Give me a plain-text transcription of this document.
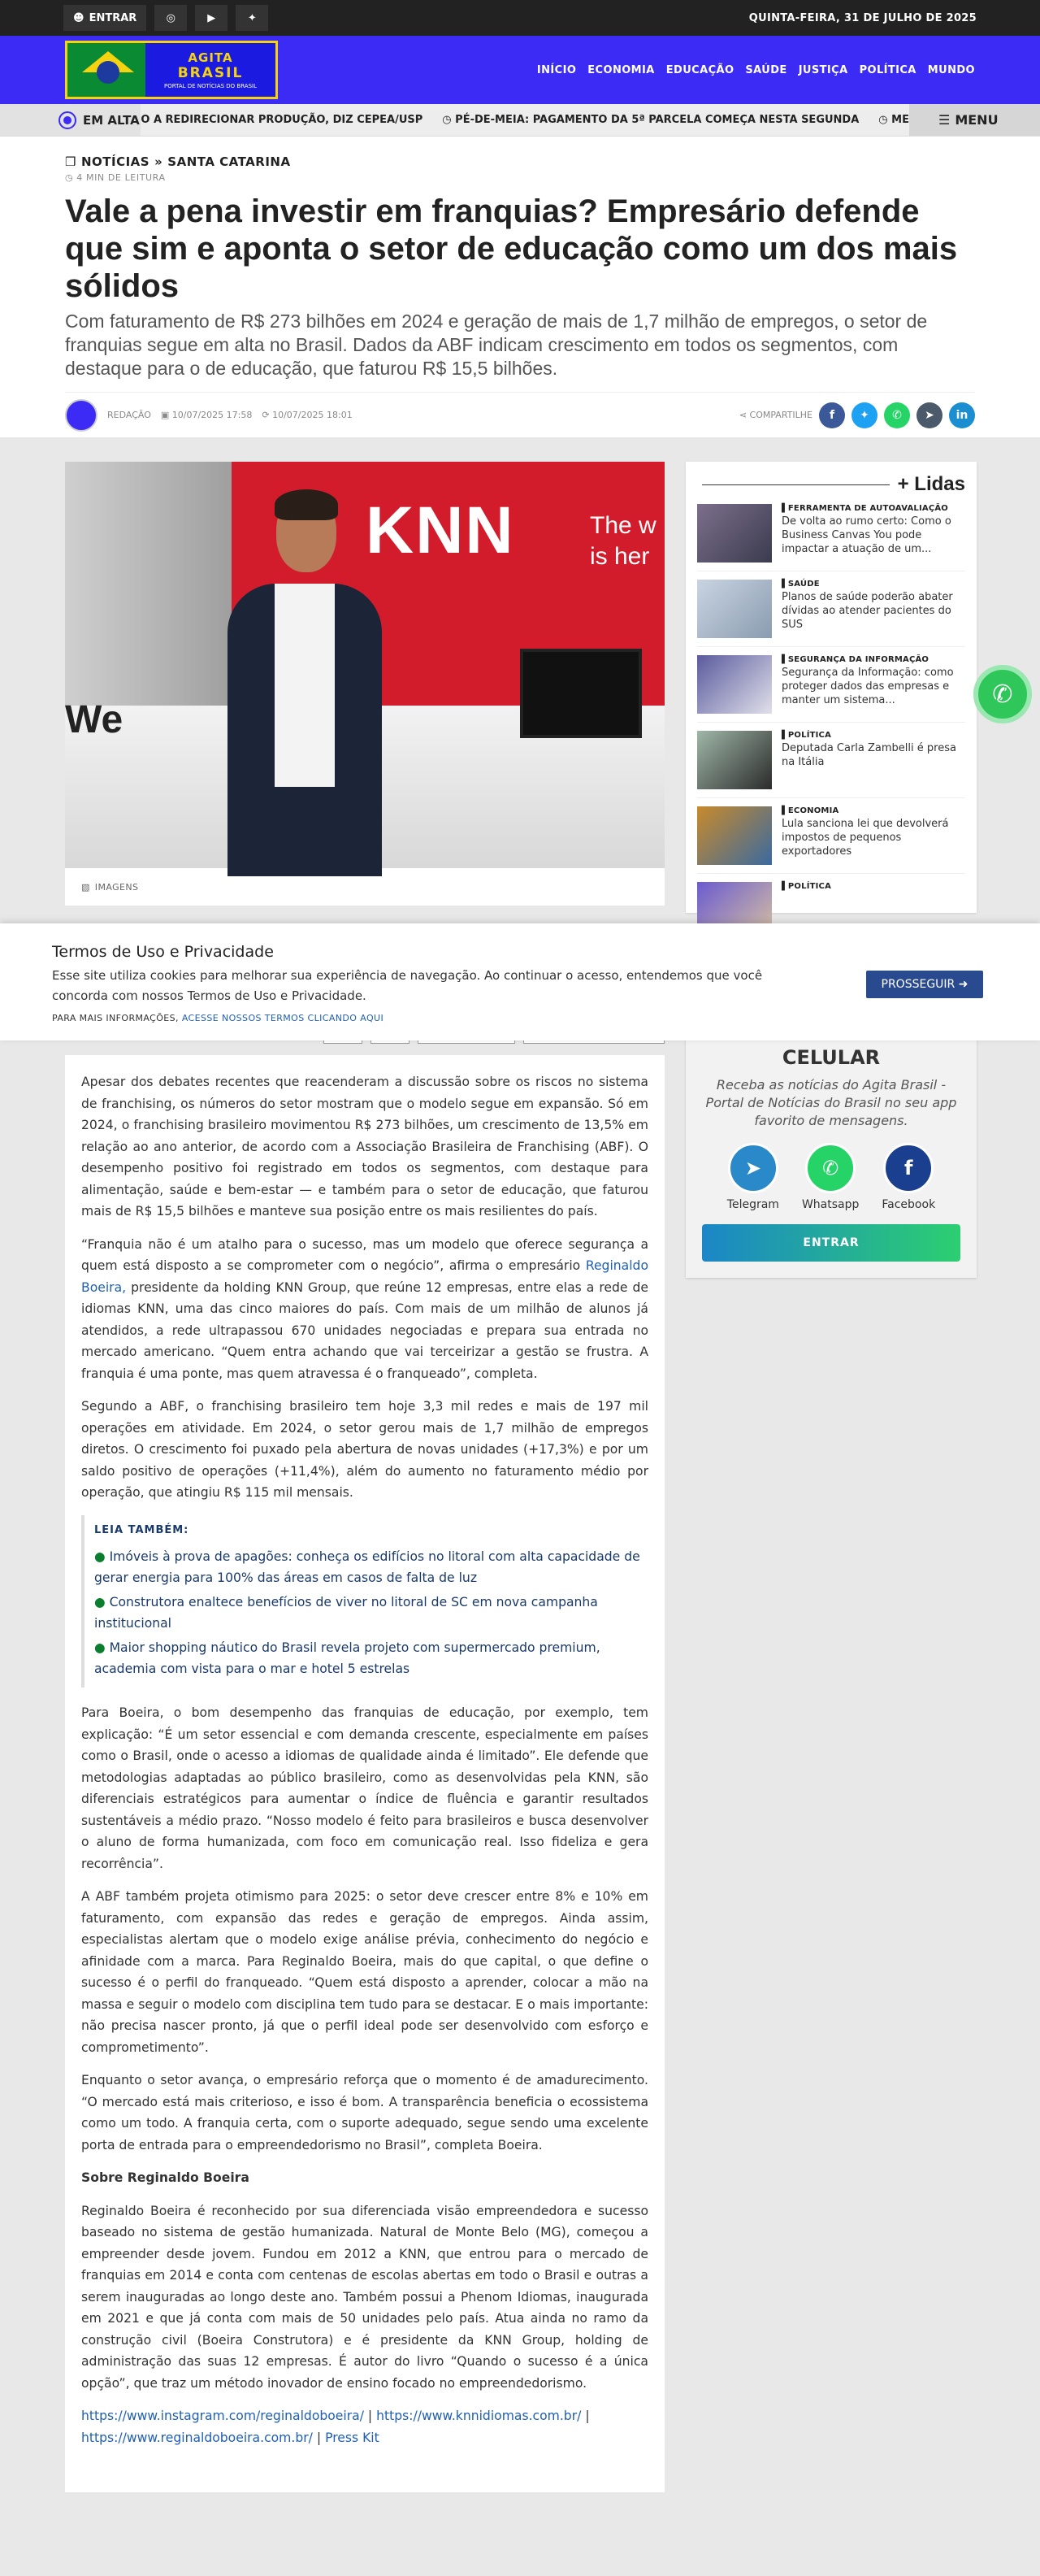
☻ ENTRAR	◎	▶	✦	QUINTA-FEIRA, 31 DE JULHO DE 2025
AGITA
BRASIL
PORTAL DE NOTÍCIAS DO BRASIL
INÍCIO ECONOMIA EDUCAÇÃO SAÚDE JUSTIÇA POLÍTICA MUNDO
EM ALTA O A REDIRECIONAR PRODUÇÃO, DIZ CEPEA/USP ◷ PÉ-DE-MEIA: PAGAMENTO DA 5ª PARCELA COMEÇA NESTA SEGUNDA ◷ ME ☰ MENU
❒ NOTÍCIAS » SANTA CATARINA
◷ 4 MIN DE LEITURA
Vale a pena investir em franquias? Empresário defende que sim e aponta o setor de educação como um dos mais sólidos
Com faturamento de R$ 273 bilhões em 2024 e geração de mais de 1,7 milhão de empregos, o setor de franquias segue em alta no Brasil. Dados da ABF indicam crescimento em todos os segmentos, com destaque para o de educação, que faturou R$ 15,5 bilhões.
REDAÇÃO ▣ 10/07/2025 17:58 ⟳ 10/07/2025 18:01	⋖ COMPARTILHE	f	✦	✆	➤	in
KNN	The w
is her
We
▧ IMAGENS

Apesar dos debates recentes que reacenderam a discussão sobre os riscos no sistema de franchising, os números do setor mostram que o modelo segue em expansão. Só em 2024, o franchising brasileiro movimentou R$ 273 bilhões, um crescimento de 13,5% em relação ao ano anterior, de acordo com a Associação Brasileira de Franchising (ABF). O desempenho positivo foi registrado em todos os segmentos, com destaque para alimentação, saúde e bem-estar — e também para o setor de educação, que faturou mais de R$ 15,5 bilhões e manteve sua posição entre os mais resilientes do país.

“Franquia não é um atalho para o sucesso, mas um modelo que oferece segurança a quem está disposto a se comprometer com o negócio”, afirma o empresário Reginaldo Boeira, presidente da holding KNN Group, que reúne 12 empresas, entre elas a rede de idiomas KNN, uma das cinco maiores do país. Com mais de um milhão de alunos já atendidos, a rede ultrapassou 670 unidades negociadas e prepara sua entrada no mercado americano. “Quem entra achando que vai terceirizar a gestão se frustra. A franquia é uma ponte, mas quem atravessa é o franqueado”, completa.

Segundo a ABF, o franchising brasileiro tem hoje 3,3 mil redes e mais de 197 mil operações em atividade. Em 2024, o setor gerou mais de 1,7 milhão de empregos diretos. O crescimento foi puxado pela abertura de novas unidades (+17,3%) e por um saldo positivo de operações (+11,4%), além do aumento no faturamento médio por operação, que atingiu R$ 115 mil mensais.

LEIA TAMBÉM:
● Imóveis à prova de apagões: conheça os edifícios no litoral com alta capacidade de gerar energia para 100% das áreas em casos de falta de luz
● Construtora enaltece benefícios de viver no litoral de SC em nova campanha institucional
● Maior shopping náutico do Brasil revela projeto com supermercado premium, academia com vista para o mar e hotel 5 estrelas

Para Boeira, o bom desempenho das franquias de educação, por exemplo, tem explicação: “É um setor essencial e com demanda crescente, especialmente em países como o Brasil, onde o acesso a idiomas de qualidade ainda é limitado”. Ele defende que metodologias adaptadas ao público brasileiro, como as desenvolvidas pela KNN, são diferenciais estratégicos para aumentar o índice de fluência e garantir resultados sustentáveis a médio prazo. “Nosso modelo é feito para brasileiros e busca desenvolver o aluno de forma humanizada, com foco em comunicação real. Isso fideliza e gera recorrência”.

A ABF também projeta otimismo para 2025: o setor deve crescer entre 8% e 10% em faturamento, com expansão das redes e geração de empregos. Ainda assim, especialistas alertam que o modelo exige análise prévia, conhecimento do negócio e afinidade com a marca. Para Reginaldo Boeira, mais do que capital, o que define o sucesso é o perfil do franqueado. “Quem está disposto a aprender, colocar a mão na massa e seguir o modelo com disciplina tem tudo para se destacar. E o mais importante: não precisa nascer pronto, já que o perfil ideal pode ser desenvolvido com esforço e comprometimento”.

Enquanto o setor avança, o empresário reforça que o momento é de amadurecimento. “O mercado está mais criterioso, e isso é bom. A transparência beneficia o ecossistema como um todo. A franquia certa, com o suporte adequado, segue sendo uma excelente porta de entrada para o empreendedorismo no Brasil”, completa Boeira.

Sobre Reginaldo Boeira

Reginaldo Boeira é reconhecido por sua diferenciada visão empreendedora e sucesso baseado no sistema de gestão humanizada. Natural de Monte Belo (MG), começou a empreender desde jovem. Fundou em 2012 a KNN, que entrou para o mercado de franquias em 2014 e conta com centenas de escolas abertas em todo o Brasil e outras a serem inauguradas ao longo deste ano. Também possui a Phenom Idiomas, inaugurada em 2021 e que já conta com mais de 50 unidades pelo país. Atua ainda no ramo da construção civil (Boeira Construtora) e é presidente da KNN Group, holding de administração das suas 12 empresas. É autor do livro “Quando o sucesso é a única opção”, que traz um método inovador de ensino focado no empreendedorismo.

https://www.instagram.com/reginaldoboeira/ | https://www.knnidiomas.com.br/ | https://www.reginaldoboeira.com.br/ | Press Kit

+ Lidas
▌FERRAMENTA DE AUTOAVALIAÇÃO
De volta ao rumo certo: Como o Business Canvas You pode impactar a atuação de um...
▌SAÚDE
Planos de saúde poderão abater dívidas ao atender pacientes do SUS
▌SEGURANÇA DA INFORMAÇÃO
Segurança da Informação: como proteger dados das empresas e manter um sistema...
▌POLÍTICA
Deputada Carla Zambelli é presa na Itália
▌ECONOMIA
Lula sanciona lei que devolverá impostos de pequenos exportadores
▌POLÍTICA
CELULAR
Receba as notícias do Agita Brasil - Portal de Notícias do Brasil no seu app favorito de mensagens.
➤
Telegram
✆
Whatsapp
f
Facebook
ENTRAR
✆
Termos de Uso e Privacidade
Esse site utiliza cookies para melhorar sua experiência de navegação. Ao continuar o acesso, entendemos que você concorda com nossos Termos de Uso e Privacidade.
PARA MAIS INFORMAÇÕES, ACESSE NOSSOS TERMOS CLICANDO AQUI
PROSSEGUIR
➜
